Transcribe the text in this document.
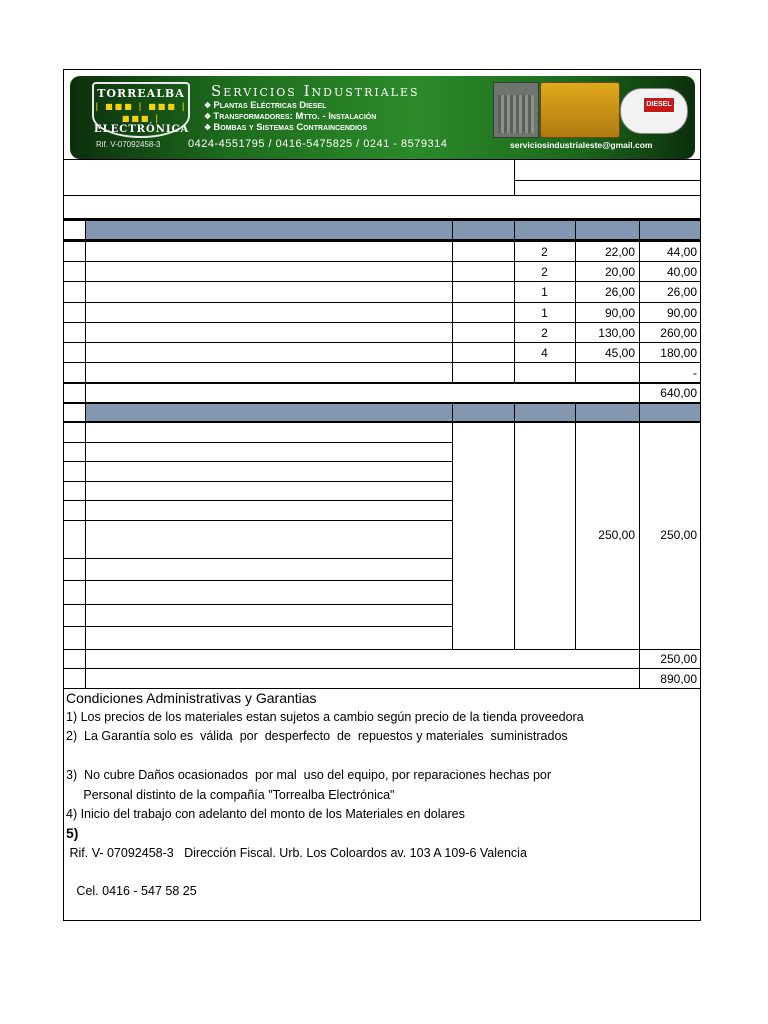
TORREALBA
| ■■■ | ■■■ | ■■■ |
ELECTRÓNICA
Rif. V-07092458-3
Servicios Industriales
❖ Plantas Eléctricas Diesel
❖ Transformadores: Mtto. - Instalación
❖ Bombas y Sistemas Contraincendios
0424-4551795 / 0416-5475825 / 0241 - 8579314	serviciosindustrialeste@gmail.com
DIESEL
2	22,00	44,00
2	20,00	40,00
1	26,00	26,00
1	90,00	90,00
2	130,00	260,00
4	45,00	180,00
-
640,00
250,00	250,00
250,00
890,00
Condiciones Administrativas y Garantias
1) Los precios de los materiales estan sujetos a cambio según precio de la tienda proveedora
2)  La Garantía solo es  válida  por  desperfecto  de  repuestos y materiales  suministrados
3)  No cubre Daños ocasionados  por mal  uso del equipo, por reparaciones hechas por
Personal distinto de la compañía "Torrealba Electrónica"
4) Inicio del trabajo con adelanto del monto de los Materiales en dolares
5)
Rif. V- 07092458-3   Dirección Fiscal. Urb. Los Coloardos av. 103 A 109-6 Valencia
Cel. 0416 - 547 58 25
